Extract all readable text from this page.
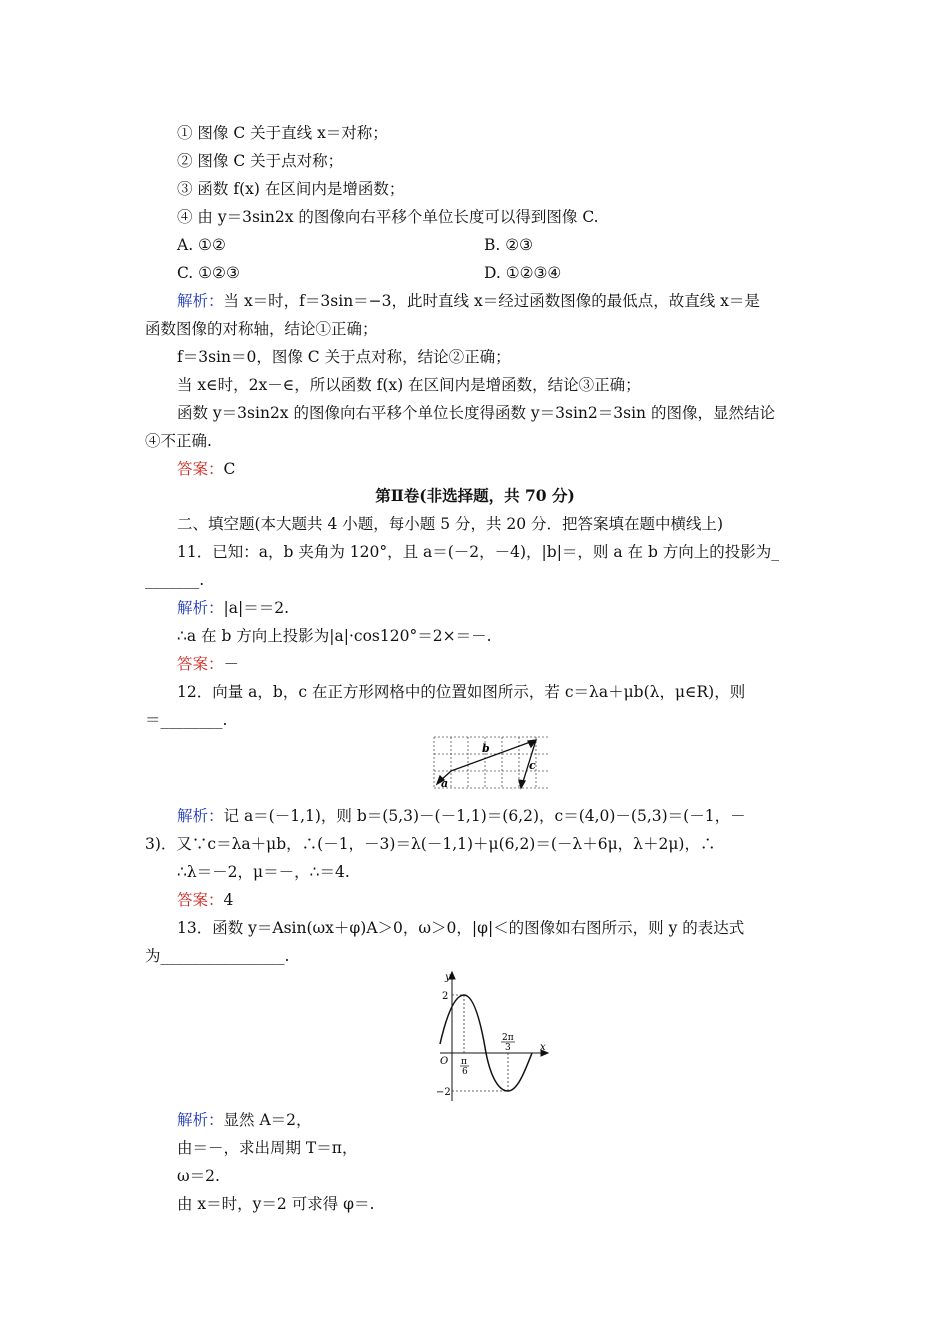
① 图像 C 关于直线 x＝对称；
② 图像 C 关于点对称；
③ 函数 f(x) 在区间内是增函数；
④ 由 y＝3sin2x 的图像向右平移个单位长度可以得到图像 C.
A. ①②	B. ②③
C. ①②③	D. ①②③④
解析：当 x＝时，f＝3sin＝−3，此时直线 x＝经过函数图像的最低点，故直线 x＝是
函数图像的对称轴，结论①正确；
f＝3sin＝0，图像 C 关于点对称，结论②正确；
当 x∈时，2x－∈，所以函数 f(x) 在区间内是增函数，结论③正确；
函数 y＝3sin2x 的图像向右平移个单位长度得函数 y＝3sin2＝3sin 的图像，显然结论
④不正确.
答案：C
第Ⅱ卷(非选择题，共 70 分)
二、填空题(本大题共 4 小题，每小题 5 分，共 20 分．把答案填在题中横线上)
11．已知：a，b 夹角为 120°，且 a＝(－2，－4)，|b|＝，则 a 在 b 方向上的投影为_
_______.
解析：|a|＝＝2.
∴a 在 b 方向上投影为|a|·cos120°＝2×＝－.
答案：－
12．向量 a，b，c 在正方形网格中的位置如图所示，若 c＝λa＋μb(λ，μ∈R)，则
＝________.
b
a
c
解析：记 a＝(－1,1)，则 b＝(5,3)－(－1,1)＝(6,2)，c＝(4,0)－(5,3)＝(－1，－
3)．又∵c＝λa＋μb，∴(－1，－3)＝λ(－1,1)＋μ(6,2)＝(－λ＋6μ，λ＋2μ)，∴
∴λ＝－2，μ＝－，∴＝4.
答案：4
13．函数 y＝Asin(ωx＋φ)A＞0，ω＞0，|φ|＜的图像如右图所示，则 y 的表达式
为________________.
y
x
O
2
−2
π
6
2π
3
解析：显然 A＝2，
由＝－，求出周期 T＝π，
ω＝2.
由 x＝时，y＝2 可求得 φ＝.
